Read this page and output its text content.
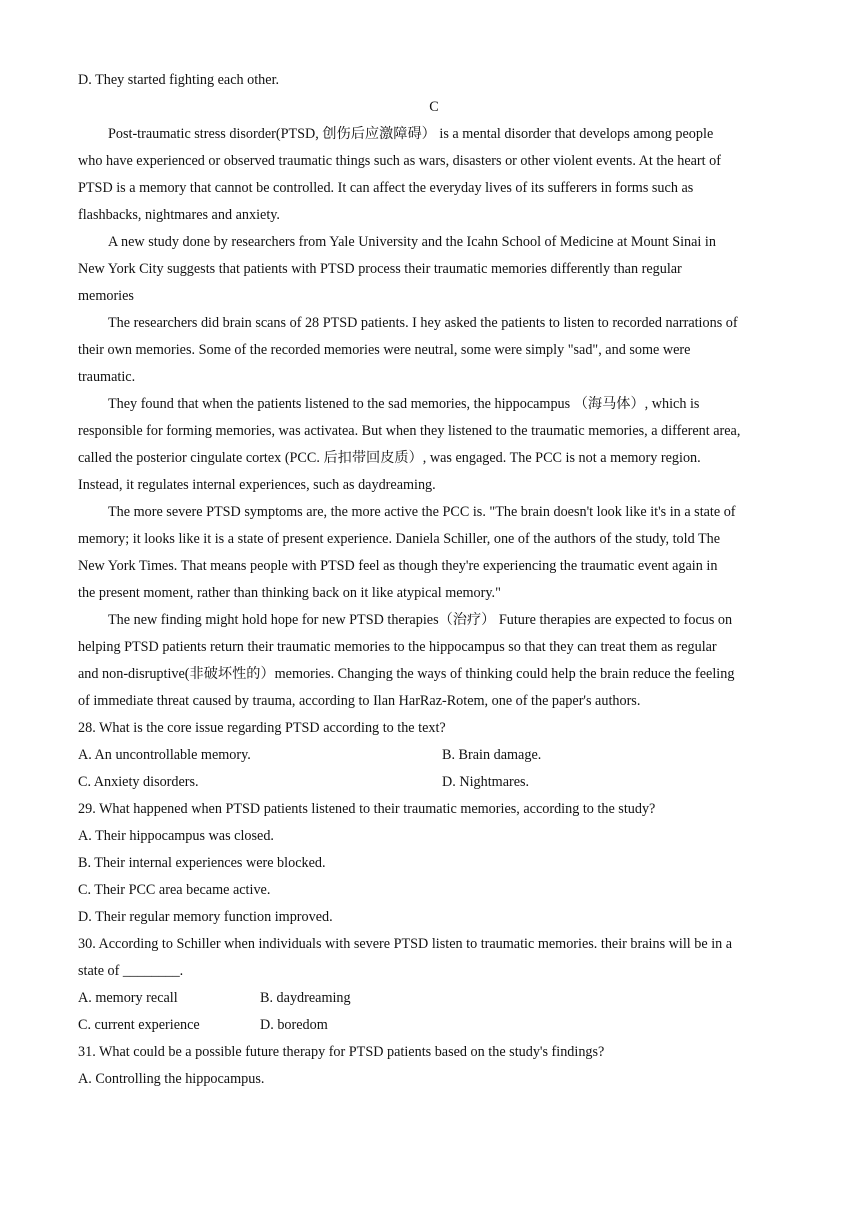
D. They started fighting each other.
C
Post-traumatic stress disorder(PTSD, 创伤后应激障碍） is a mental disorder that develops among people
who have experienced or observed traumatic things such as wars, disasters or other violent events. At the heart of
PTSD is a memory that cannot be controlled. It can affect the everyday lives of its sufferers in forms such as
flashbacks, nightmares and anxiety.
A new study done by researchers from Yale University and the Icahn School of Medicine at Mount Sinai in
New York City suggests that patients with PTSD process their traumatic memories differently than regular
memories
The researchers did brain scans of 28 PTSD patients. I hey asked the patients to listen to recorded narrations of
their own memories. Some of the recorded memories were neutral, some were simply "sad", and some were
traumatic.
They found that when the patients listened to the sad memories, the hippocampus （海马体）, which is
responsible for forming memories, was activatea. But when they listened to the traumatic memories, a different area,
called the posterior cingulate cortex (PCC. 后扣带回皮质）, was engaged. The PCC is not a memory region.
Instead, it regulates internal experiences, such as daydreaming.
The more severe PTSD symptoms are, the more active the PCC is. "The brain doesn't look like it's in a state of
memory; it looks like it is a state of present experience. Daniela Schiller, one of the authors of the study, told The
New York Times. That means people with PTSD feel as though they're experiencing the traumatic event again in
the present moment, rather than thinking back on it like atypical memory."
The new finding might hold hope for new PTSD therapies（治疗） Future therapies are expected to focus on
helping PTSD patients return their traumatic memories to the hippocampus so that they can treat them as regular
and non-disruptive(非破坏性的）memories. Changing the ways of thinking could help the brain reduce the feeling
of immediate threat caused by trauma, according to Ilan HarRaz-Rotem, one of the paper's authors.
28. What is the core issue regarding PTSD according to the text?
A. An uncontrollable memory.	B. Brain damage.
C. Anxiety disorders.	D. Nightmares.
29. What happened when PTSD patients listened to their traumatic memories, according to the study?
A. Their hippocampus was closed.
B. Their internal experiences were blocked.
C. Their PCC area became active.
D. Their regular memory function improved.
30. According to Schiller when individuals with severe PTSD listen to traumatic memories. their brains will be in a
state of ________.
A. memory recall	B. daydreaming
C. current experience	D. boredom
31. What could be a possible future therapy for PTSD patients based on the study's findings?
A. Controlling the hippocampus.
